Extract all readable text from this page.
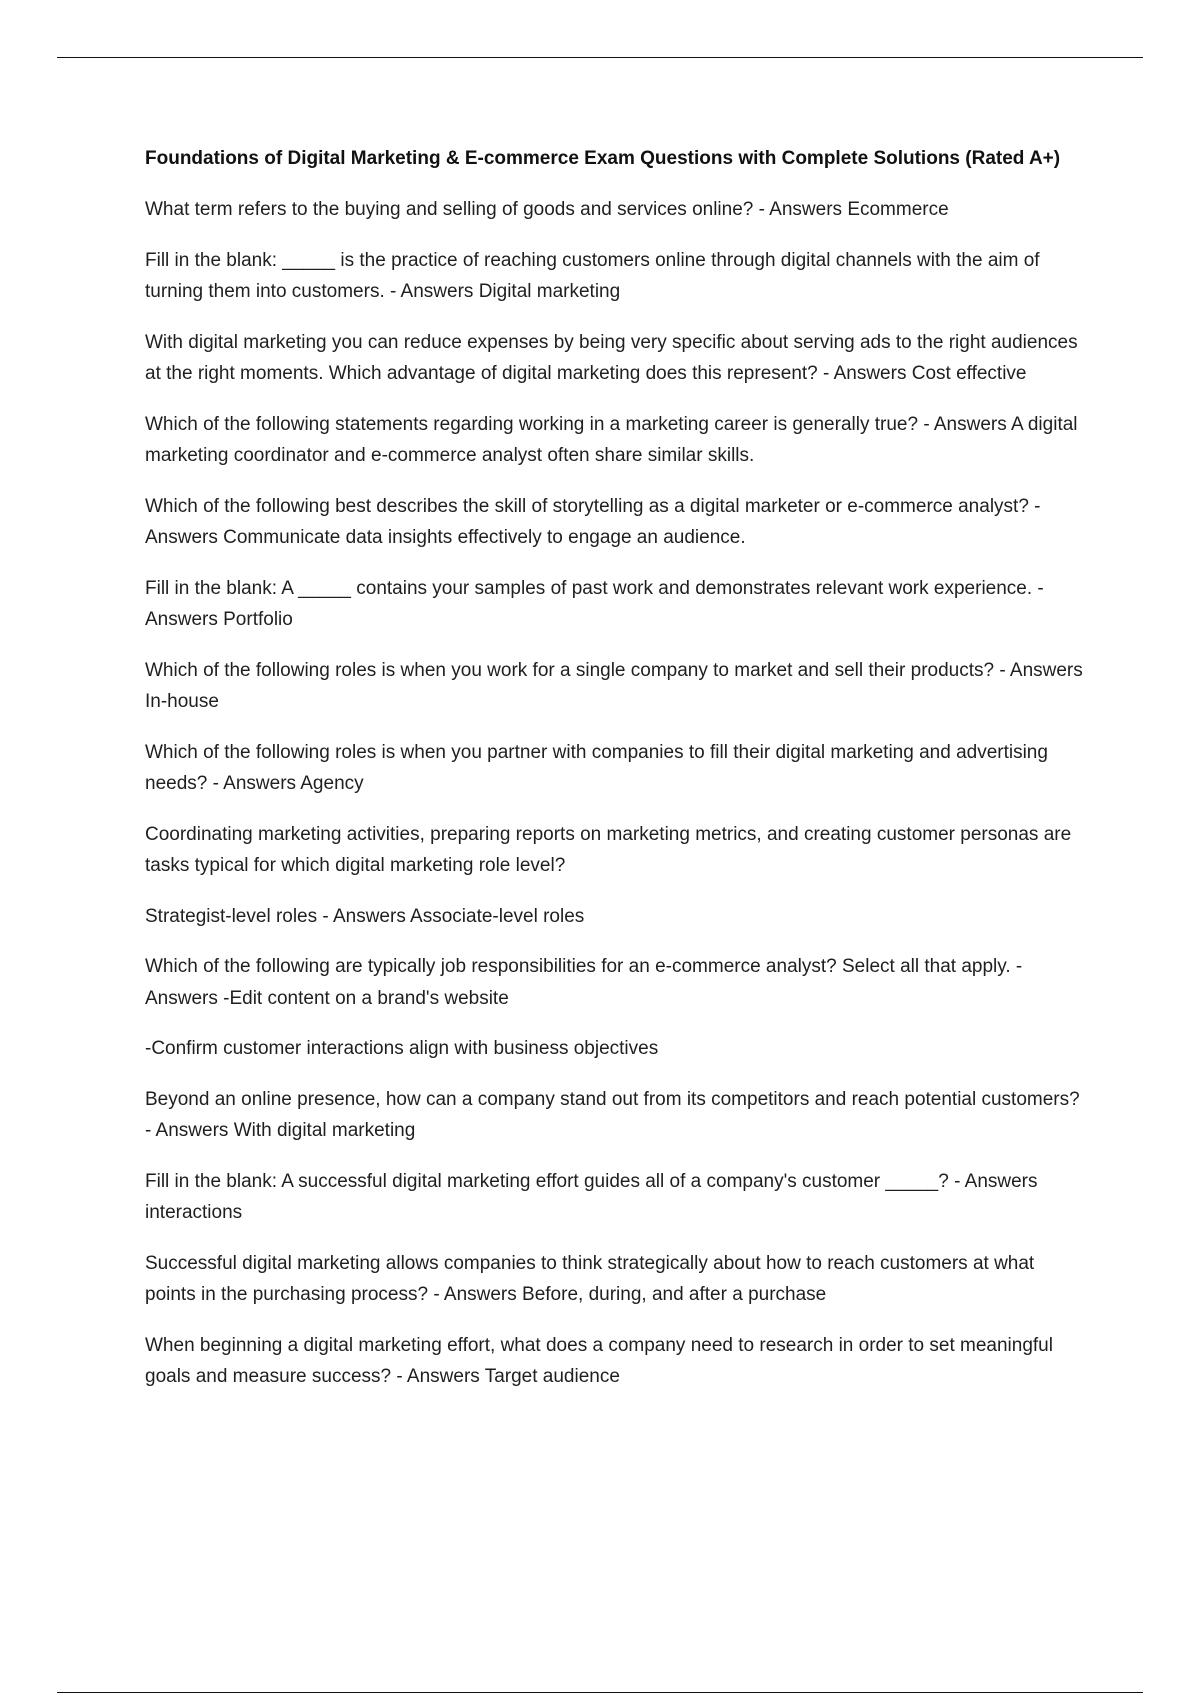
Foundations of Digital Marketing & E-commerce Exam Questions with Complete Solutions (Rated A+)

What term refers to the buying and selling of goods and services online? - Answers Ecommerce

Fill in the blank: _____ is the practice of reaching customers online through digital channels with the aim of turning them into customers. - Answers Digital marketing

With digital marketing you can reduce expenses by being very specific about serving ads to the right audiences at the right moments. Which advantage of digital marketing does this represent? - Answers Cost effective

Which of the following statements regarding working in a marketing career is generally true? - Answers A digital marketing coordinator and e-commerce analyst often share similar skills.

Which of the following best describes the skill of storytelling as a digital marketer or e-commerce analyst? - Answers Communicate data insights effectively to engage an audience.

Fill in the blank: A _____ contains your samples of past work and demonstrates relevant work experience. - Answers Portfolio

Which of the following roles is when you work for a single company to market and sell their products? - Answers In-house

Which of the following roles is when you partner with companies to fill their digital marketing and advertising needs? - Answers Agency

Coordinating marketing activities, preparing reports on marketing metrics, and creating customer personas are tasks typical for which digital marketing role level?

Strategist-level roles - Answers Associate-level roles

Which of the following are typically job responsibilities for an e-commerce analyst? Select all that apply. - Answers -Edit content on a brand's website

-Confirm customer interactions align with business objectives

Beyond an online presence, how can a company stand out from its competitors and reach potential customers? - Answers With digital marketing

Fill in the blank: A successful digital marketing effort guides all of a company's customer _____? - Answers interactions

Successful digital marketing allows companies to think strategically about how to reach customers at what points in the purchasing process? - Answers Before, during, and after a purchase

When beginning a digital marketing effort, what does a company need to research in order to set meaningful goals and measure success? - Answers Target audience
